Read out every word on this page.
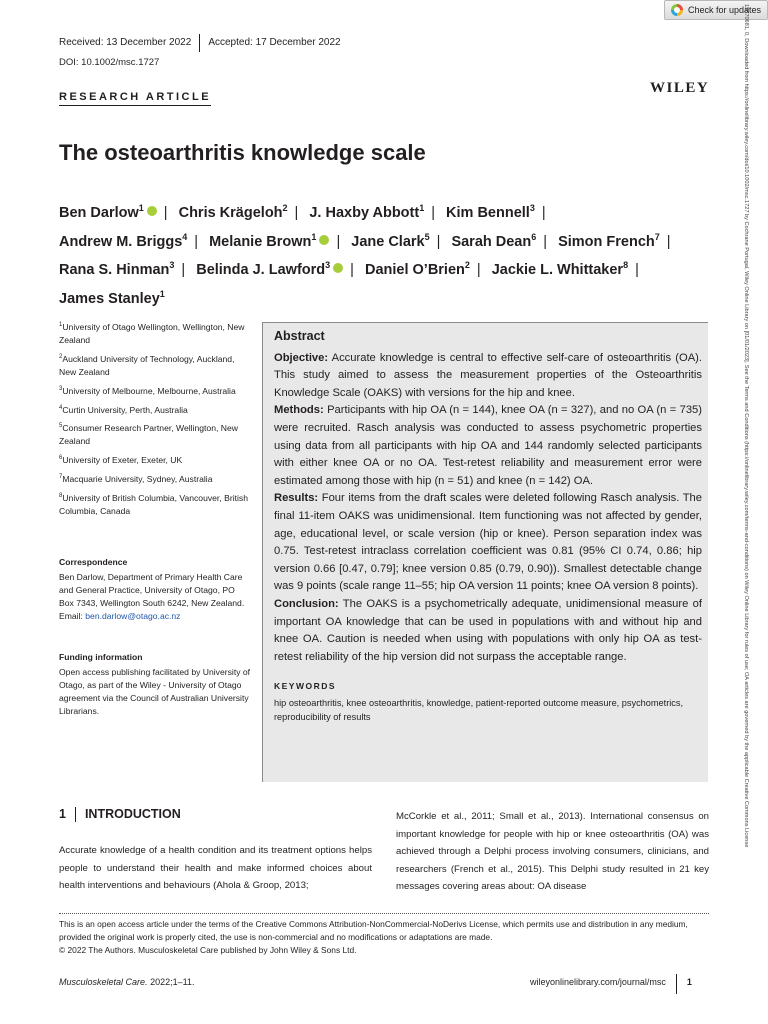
Check for updates
Received: 13 December 2022 Accepted: 17 December 2022
DOI: 10.1002/msc.1727
RESEARCH ARTICLE
WILEY
The osteoarthritis knowledge scale
Ben Darlow$^1$ | Chris Krägeloh$^2$ | J. Haxby Abbott$^1$ | Kim Bennell$^3$ | Andrew M. Briggs$^4$ | Melanie Brown$^1$ | Jane Clark$^5$ | Sarah Dean$^6$ | Simon French$^7$ | Rana S. Hinman$^3$ | Belinda J. Lawford$^3$ | Daniel O’Brien$^2$ | Jackie L. Whittaker$^8$ | James Stanley$^1$

$^1$University of Otago Wellington, Wellington, New Zealand

$^2$Auckland University of Technology, Auckland, New Zealand

$^3$University of Melbourne, Melbourne, Australia

$^4$Curtin University, Perth, Australia

$^5$Consumer Research Partner, Wellington, New Zealand

$^6$University of Exeter, Exeter, UK

$^7$Macquarie University, Sydney, Australia

$^8$University of British Columbia, Vancouver, British Columbia, Canada

Correspondence

Ben Darlow, Department of Primary Health Care and General Practice, University of Otago, PO Box 7343, Wellington South 6242, New Zealand.
Email: ben.darlow@otago.ac.nz

Funding information

Open access publishing facilitated by University of Otago, as part of the Wiley - University of Otago agreement via the Council of Australian University Librarians.
Abstract

Objective: Accurate knowledge is central to effective self-care of osteoarthritis (OA). This study aimed to assess the measurement properties of the Osteoarthritis Knowledge Scale (OAKS) with versions for the hip and knee.

Methods: Participants with hip OA (n = 144), knee OA (n = 327), and no OA (n = 735) were recruited. Rasch analysis was conducted to assess psychometric properties using data from all participants with hip OA and 144 randomly selected participants with either knee OA or no OA. Test-retest reliability and measurement error were estimated among those with hip (n = 51) and knee (n = 142) OA.

Results: Four items from the draft scales were deleted following Rasch analysis. The final 11-item OAKS was unidimensional. Item functioning was not affected by gender, age, educational level, or scale version (hip or knee). Person separation index was 0.75. Test-retest intraclass correlation coefficient was 0.81 (95% CI 0.74, 0.86; hip version 0.66 [0.47, 0.79]; knee version 0.85 (0.79, 0.90)). Smallest detectable change was 9 points (scale range 11–55; hip OA version 11 points; knee OA version 8 points).

Conclusion: The OAKS is a psychometrically adequate, unidimensional measure of important OA knowledge that can be used in populations with and without hip and knee OA. Caution is needed when using with populations with only hip OA as test-retest reliability of the hip version did not surpass the acceptable range.

KEYWORDS

hip osteoarthritis, knee osteoarthritis, knowledge, patient-reported outcome measure, psychometrics, reproducibility of results

1 INTRODUCTION
Accurate knowledge of a health condition and its treatment options helps people to understand their health and make informed choices about health interventions and behaviours (Ahola & Groop, 2013;
McCorkle et al., 2011; Small et al., 2013). International consensus on important knowledge for people with hip or knee osteoarthritis (OA) was achieved through a Delphi process involving consumers, clinicians, and researchers (French et al., 2015). This Delphi study resulted in 21 key messages covering areas about: OA disease

This is an open access article under the terms of the Creative Commons Attribution-NonCommercial-NoDerivs License, which permits use and distribution in any medium, provided the original work is properly cited, the use is non-commercial and no modifications or adaptations are made.

© 2022 The Authors. Musculoskeletal Care published by John Wiley & Sons Ltd.

Musculoskeletal Care. 2022;1–11.	wileyonlinelibrary.com/journal/msc 1
15570681, 0, Downloaded from https://onlinelibrary.wiley.com/doi/10.1002/msc.1727 by Cochrane Portugal, Wiley Online Library on [01/01/2023]. See the Terms and Conditions (https://onlinelibrary.wiley.com/terms-and-conditions) on Wiley Online Library for rules of use; OA articles are governed by the applicable Creative Commons License
